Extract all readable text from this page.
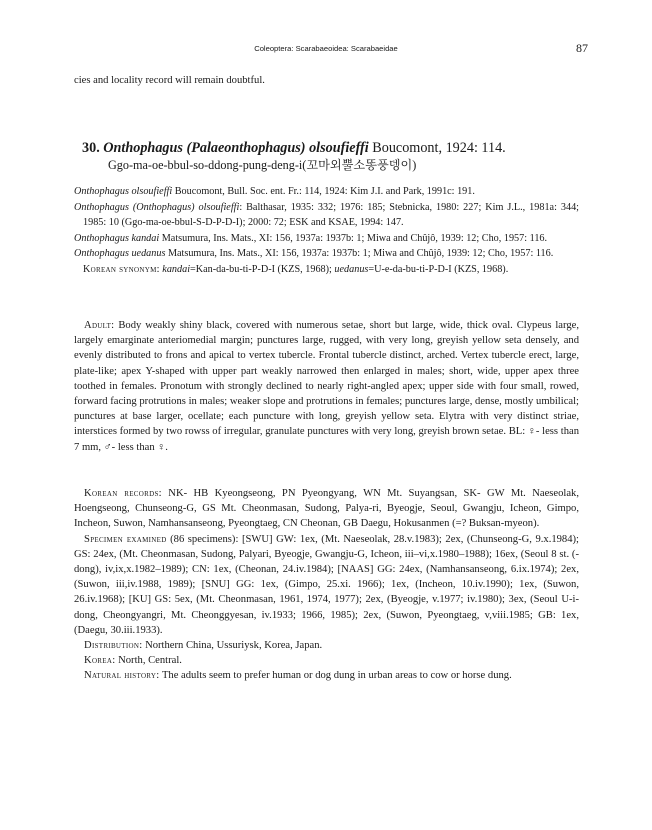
Coleoptera: Scarabaeoidea: Scarabaeidae	87

cies and locality record will remain doubtful.

30. Onthophagus (Palaeonthophagus) olsoufieffi Boucomont, 1924: 114.
Ggo-ma-oe-bbul-so-ddong-pung-deng-i(꼬마외뿔소똥풍뎅이)

Onthophagus olsoufieffi Boucomont, Bull. Soc. ent. Fr.: 114, 1924: Kim J.I. and Park, 1991c: 191.

Onthophagus (Onthophagus) olsoufieffi: Balthasar, 1935: 332; 1976: 185; Stebnicka, 1980: 227; Kim J.L., 1981a: 344; 1985: 10 (Ggo-ma-oe-bbul-S-D-P-D-I); 2000: 72; ESK and KSAE, 1994: 147.

Onthophagus kandai Matsumura, Ins. Mats., XI: 156, 1937a: 1937b: 1; Miwa and Chûjô, 1939: 12; Cho, 1957: 116.

Onthophagus uedanus Matsumura, Ins. Mats., XI: 156, 1937a: 1937b: 1; Miwa and Chûjô, 1939: 12; Cho, 1957: 116.

Korean synonym: kandai=Kan-da-bu-ti-P-D-I (KZS, 1968); uedanus=U-e-da-bu-ti-P-D-I (KZS, 1968).

Adult: Body weakly shiny black, covered with numerous setae, short but large, wide, thick oval. Clypeus large, largely emarginate anteriomedial margin; punctures large, rugged, with very long, greyish yellow seta densely, and evenly distributed to frons and apical to vertex tubercle. Frontal tubercle distinct, arched. Vertex tubercle erect, large, plate-like; apex Y-shaped with upper part weakly narrowed then enlarged in males; short, wide, upper apex three toothed in females. Pronotum with strongly declined to nearly right-angled apex; upper side with four small, rowed, forward facing protrutions in males; weaker slope and protrutions in females; punctures large, dense, mostly umbilical; punctures at base larger, ocellate; each puncture with long, greyish yellow seta. Elytra with very distinct striae, interstices formed by two rowss of irregular, granulate punctures with very long, greyish brown setae. BL: ♀- less than 7 mm, ♂- less than ♀.

Korean records: NK- HB Kyeongseong, PN Pyeongyang, WN Mt. Suyangsan, SK- GW Mt. Naeseolak, Hoengseong, Chunseong-G, GS Mt. Cheonmasan, Sudong, Palya-ri, Byeogje, Seoul, Gwangju, Icheon, Gimpo, Incheon, Suwon, Namhansanseong, Pyeongtaeg, CN Cheonan, GB Daegu, Hokusanmen (=? Buksan-myeon).

Specimen examined (86 specimens): [SWU] GW: 1ex, (Mt. Naeseolak, 28.v.1983); 2ex, (Chunseong-G, 9.x.1984); GS: 24ex, (Mt. Cheonmasan, Sudong, Palyari, Byeogje, Gwangju-G, Icheon, iii–vi,x.1980–1988); 16ex, (Seoul 8 st. (-dong), iv,ix,x.1982–1989); CN: 1ex, (Cheonan, 24.iv.1984); [NAAS] GG: 24ex, (Namhansanseong, 6.ix.1974); 2ex, (Suwon, iii,iv.1988, 1989); [SNU] GG: 1ex, (Gimpo, 25.xi. 1966); 1ex, (Incheon, 10.iv.1990); 1ex, (Suwon, 26.iv.1968); [KU] GS: 5ex, (Mt. Cheonmasan, 1961, 1974, 1977); 2ex, (Byeogje, v.1977; iv.1980); 3ex, (Seoul U-i-dong, Cheongyangri, Mt. Cheonggyesan, iv.1933; 1966, 1985); 2ex, (Suwon, Pyeongtaeg, v,viii.1985; GB: 1ex, (Daegu, 30.iii.1933).

Distribution: Northern China, Ussuriysk, Korea, Japan.

Korea: North, Central.

Natural history: The adults seem to prefer human or dog dung in urban areas to cow or horse dung.
